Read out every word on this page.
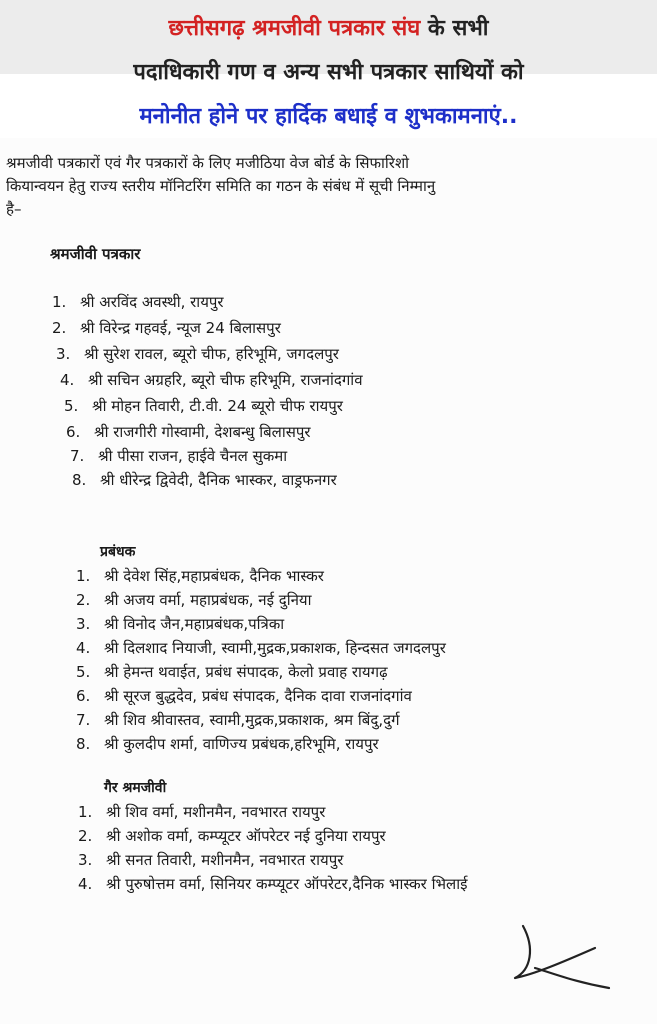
छत्तीसगढ़ श्रमजीवी पत्रकार संघ के सभी
पदाधिकारी गण व अन्य सभी पत्रकार साथियों को
मनोनीत होने पर हार्दिक बधाई व शुभकामनाएं..
श्रमजीवी पत्रकारों एवं गैर पत्रकारों के लिए मजीठिया वेज बोर्ड के सिफारिशो
कियान्वयन हेतु राज्य स्तरीय मॉनिटरिंग समिति का गठन के संबंध में सूची निम्मानु
है–
श्रमजीवी पत्रकार
1. श्री अरविंद अवस्थी, रायपुर
2. श्री विरेन्द्र गहवई, न्यूज 24 बिलासपुर
3. श्री सुरेश रावल, ब्यूरो चीफ, हरिभूमि, जगदलपुर
4. श्री सचिन अग्रहरि, ब्यूरो चीफ हरिभूमि, राजनांदगांव
5. श्री मोहन तिवारी, टी.वी. 24 ब्यूरो चीफ रायपुर
6. श्री राजगीरी गोस्वामी, देशबन्धु बिलासपुर
7. श्री पीसा राजन, हाईवे चैनल सुकमा
8. श्री धीरेन्द्र द्विवेदी, दैनिक भास्कर, वाड्रफनगर
प्रबंधक
1. श्री देवेश सिंह,महाप्रबंधक, दैनिक भास्कर
2. श्री अजय वर्मा, महाप्रबंधक, नई दुनिया
3. श्री विनोद जैन,महाप्रबंधक,पत्रिका
4. श्री दिलशाद नियाजी, स्वामी,मुद्रक,प्रकाशक, हिन्दसत जगदलपुर
5. श्री हेमन्त थवाईत, प्रबंध संपादक, केलो प्रवाह रायगढ़
6. श्री सूरज बुद्धदेव, प्रबंध संपादक, दैनिक दावा राजनांदगांव
7. श्री शिव श्रीवास्तव, स्वामी,मुद्रक,प्रकाशक, श्रम बिंदु,दुर्ग
8. श्री कुलदीप शर्मा, वाणिज्य प्रबंधक,हरिभूमि, रायपुर
गैर श्रमजीवी
1. श्री शिव वर्मा, मशीनमैन, नवभारत रायपुर
2. श्री अशोक वर्मा, कम्प्यूटर ऑपरेटर नई दुनिया रायपुर
3. श्री सनत तिवारी, मशीनमैन, नवभारत रायपुर
4. श्री पुरुषोत्तम वर्मा, सिनियर कम्प्यूटर ऑपरेटर,दैनिक भास्कर भिलाई
